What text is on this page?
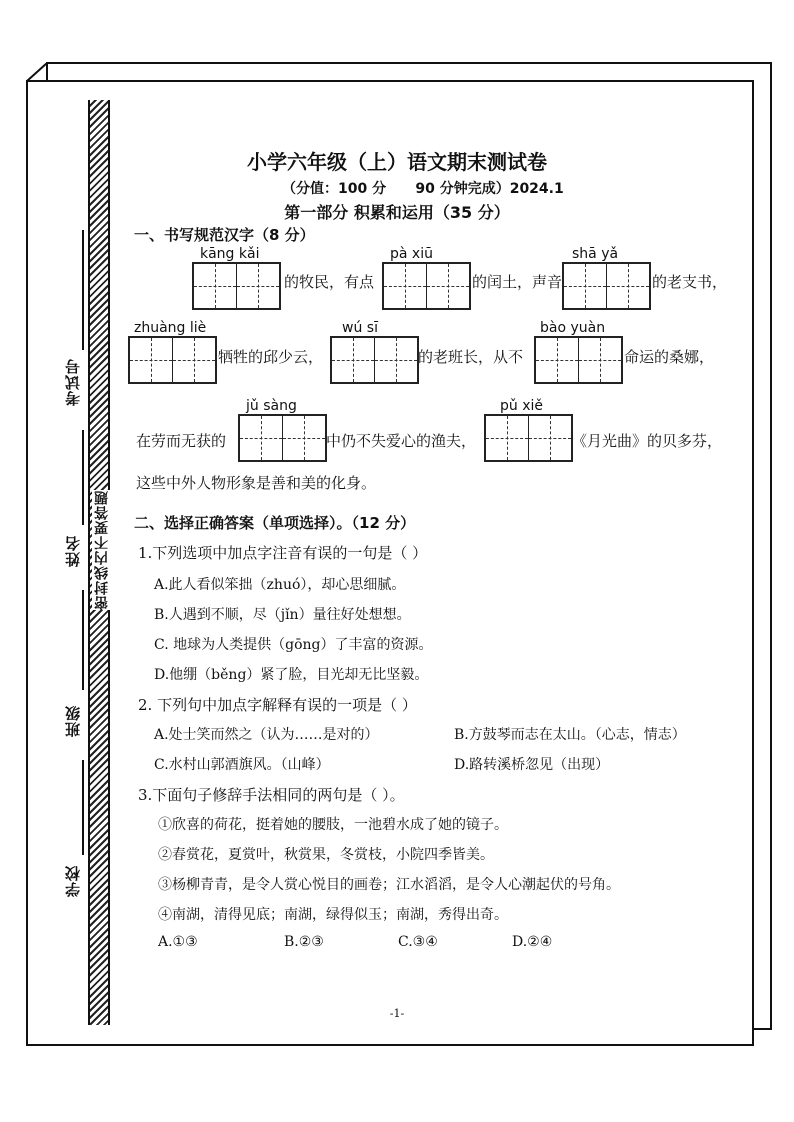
考试号
姓名
班级
学校
密封线内不要答题
小学六年级（上）语文期末测试卷
（分值：100 分      90 分钟完成）2024.1
第一部分 积累和运用（35 分）
一、书写规范汉字（8 分）
kāng kǎi
的牧民，有点
pà xiū
的闰土，声音
shā yǎ
的老支书，
zhuàng liè
牺牲的邱少云，
wú sī
的老班长，从不
bào yuàn
命运的桑娜，
在劳而无获的
jǔ sàng
中仍不失爱心的渔夫，
pǔ xiě
《月光曲》的贝多芬，
这些中外人物形象是善和美的化身。
二、选择正确答案（单项选择）。（12 分）
1.下列选项中加点字注音有误的一句是（ ）
A.此人看似笨拙（zhuó），却心思细腻。
B.人遇到不顺，尽（jǐn）量往好处想想。
C. 地球为人类提供（gōng）了丰富的资源。
D.他绷（běng）紧了脸，目光却无比坚毅。
2. 下列句中加点字解释有误的一项是（ ）
A.处士笑而然之（认为……是对的）	B.方鼓琴而志在太山。（心志，情志）
C.水村山郭酒旗风。（山峰）	D.路转溪桥忽见（出现）
3.下面句子修辞手法相同的两句是（ ）。
①欣喜的荷花，挺着她的腰肢，一池碧水成了她的镜子。
②春赏花，夏赏叶，秋赏果，冬赏枝，小院四季皆美。
③杨柳青青，是令人赏心悦目的画卷；江水滔滔，是令人心潮起伏的号角。
④南湖，清得见底；南湖，绿得似玉；南湖，秀得出奇。
A.①③	B.②③	C.③④	D.②④
-1-
